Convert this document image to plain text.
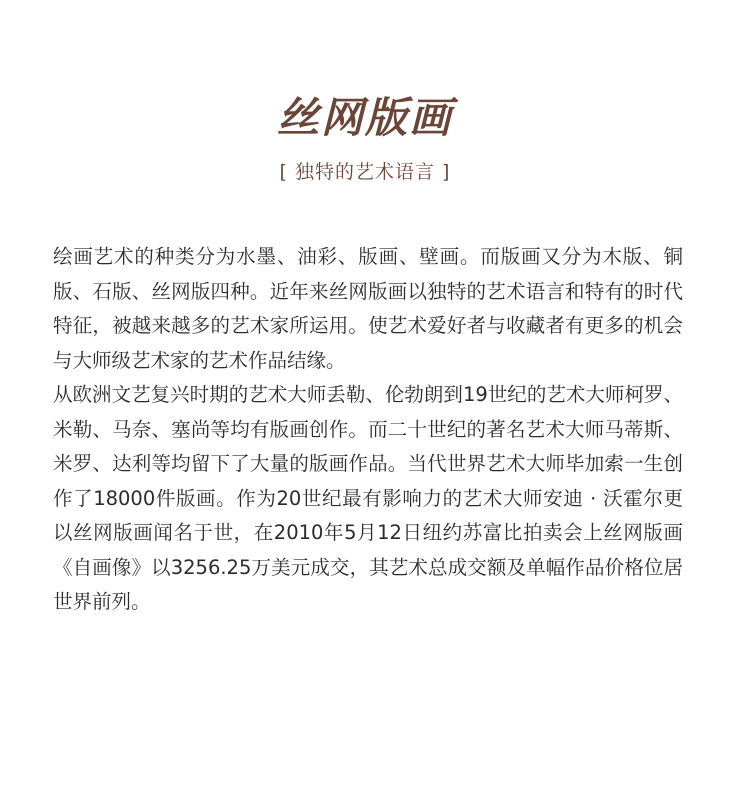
丝网版画
[ 独特的艺术语言 ]

绘画艺术的种类分为水墨、油彩、版画、壁画。而版画又分为木版、铜版、石版、丝网版四种。近年来丝网版画以独特的艺术语言和特有的时代特征，被越来越多的艺术家所运用。使艺术爱好者与收藏者有更多的机会与大师级艺术家的艺术作品结缘。

从欧洲文艺复兴时期的艺术大师丢勒、伦勃朗到19世纪的艺术大师柯罗、米勒、马奈、塞尚等均有版画创作。而二十世纪的著名艺术大师马蒂斯、米罗、达利等均留下了大量的版画作品。当代世界艺术大师毕加索一生创作了18000件版画。作为20世纪最有影响力的艺术大师安迪 · 沃霍尔更以丝网版画闻名于世，在2010年5月12日纽约苏富比拍卖会上丝网版画《自画像》以3256.25万美元成交，其艺术总成交额及单幅作品价格位居世界前列。
